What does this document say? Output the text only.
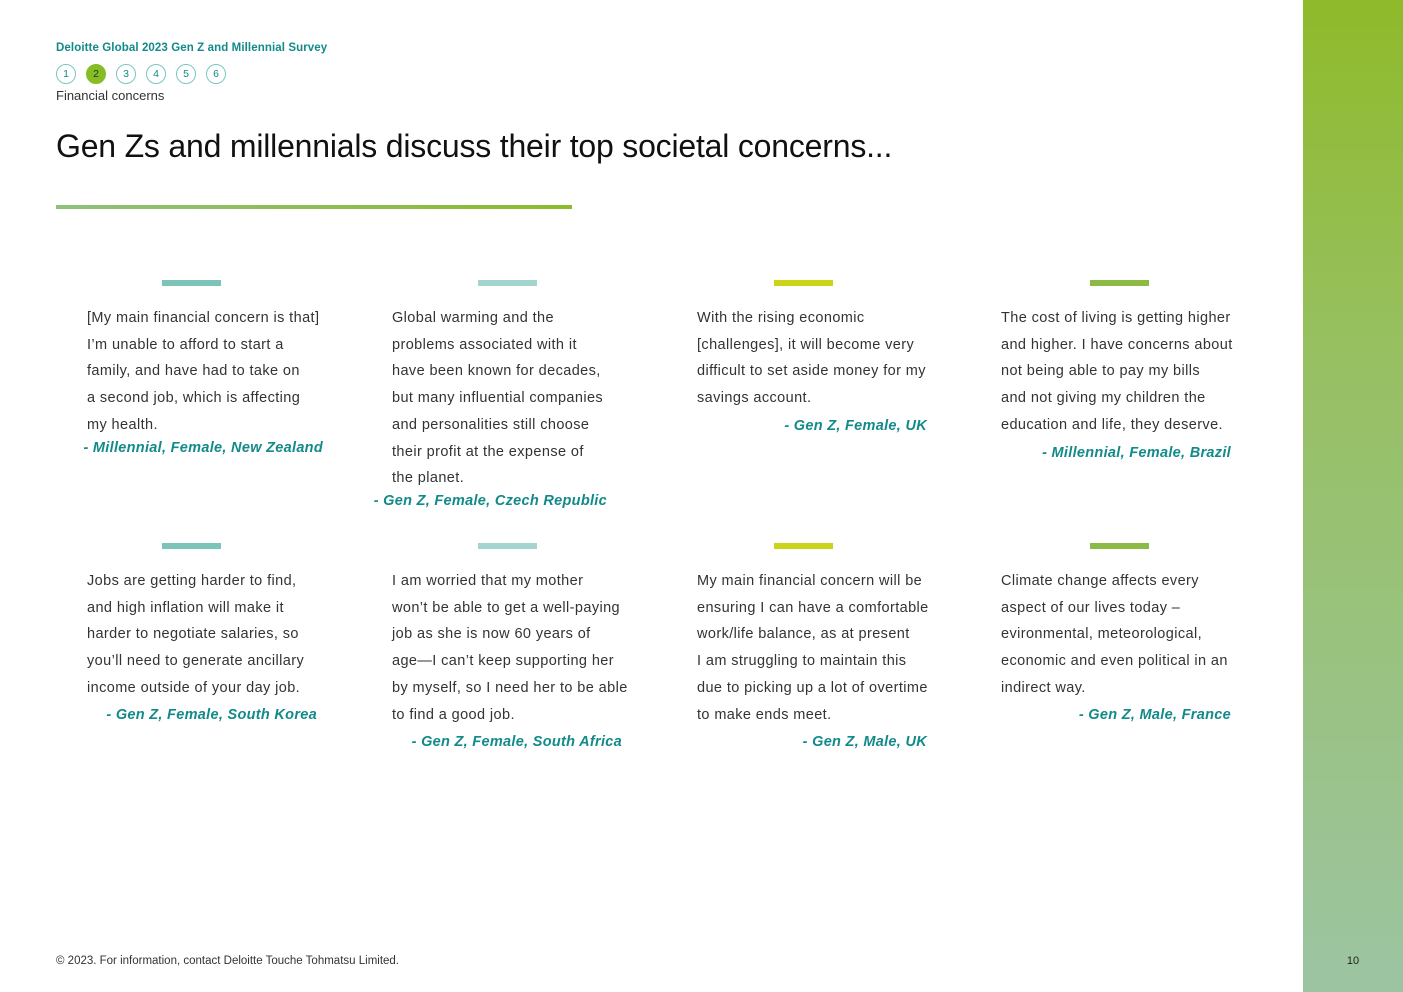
10
Deloitte Global 2023 Gen Z and Millennial Survey
1	2	3	4	5	6
Financial concerns
Gen Zs and millennials discuss their top societal concerns...
[My main financial concern is that]
I’m unable to afford to start a
family, and have had to take on
a second job, which is affecting
my health.
- Millennial, Female, New Zealand
Global warming and the
problems associated with it
have been known for decades,
but many influential companies
and personalities still choose
their profit at the expense of
the planet.
- Gen Z, Female, Czech Republic
With the rising economic
[challenges], it will become very
difficult to set aside money for my
savings account.
- Gen Z, Female, UK
The cost of living is getting higher
and higher. I have concerns about
not being able to pay my bills
and not giving my children the
education and life, they deserve.
- Millennial, Female, Brazil
Jobs are getting harder to find,
and high inflation will make it
harder to negotiate salaries, so
you’ll need to generate ancillary
income outside of your day job.
- Gen Z, Female, South Korea
I am worried that my mother
won’t be able to get a well-paying
job as she is now 60 years of
age—I can’t keep supporting her
by myself, so I need her to be able
to find a good job.
- Gen Z, Female, South Africa
My main financial concern will be
ensuring I can have a comfortable
work/life balance, as at present
I am struggling to maintain this
due to picking up a lot of overtime
to make ends meet.
- Gen Z, Male, UK
Climate change affects every
aspect of our lives today –
evironmental, meteorological,
economic and even political in an
indirect way.
- Gen Z, Male, France
© 2023. For information, contact Deloitte Touche Tohmatsu Limited.
